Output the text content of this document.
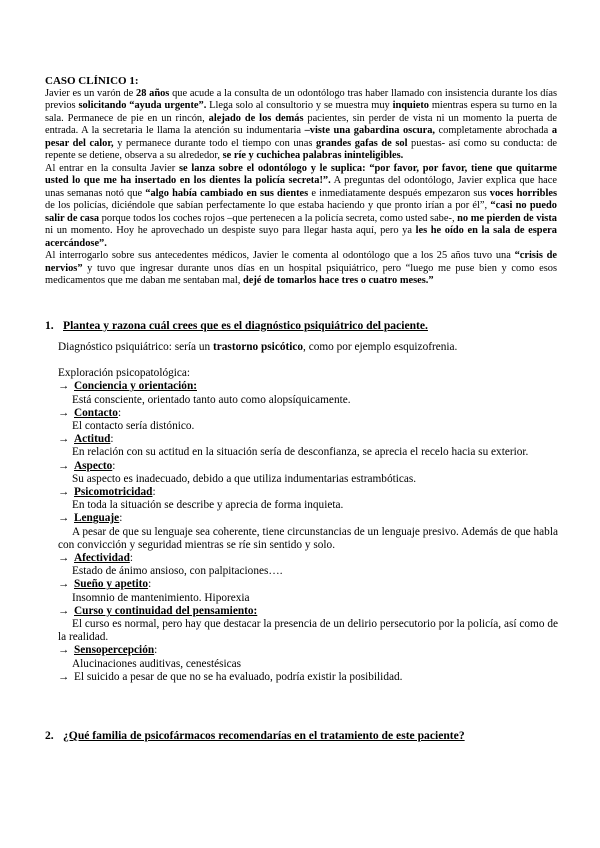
CASO CLÍNICO 1:

Javier es un varón de 28 años que acude a la consulta de un odontólogo tras haber llamado con insistencia durante los días previos solicitando “ayuda urgente”. Llega solo al consultorio y se muestra muy inquieto mientras espera su turno en la sala. Permanece de pie en un rincón, alejado de los demás pacientes, sin perder de vista ni un momento la puerta de entrada. A la secretaria le llama la atención su indumentaria –viste una gabardina oscura, completamente abrochada a pesar del calor, y permanece durante todo el tiempo con unas grandes gafas de sol puestas- así como su conducta: de repente se detiene, observa a su alrededor, se ríe y cuchichea palabras ininteligibles.

Al entrar en la consulta Javier se lanza sobre el odontólogo y le suplica: “por favor, por favor, tiene que quitarme usted lo que me ha insertado en los dientes la policía secreta!”. A preguntas del odontólogo, Javier explica que hace unas semanas notó que “algo había cambiado en sus dientes e inmediatamente después empezaron sus voces horribles de los policías, diciéndole que sabían perfectamente lo que estaba haciendo y que pronto irían a por él”, “casi no puedo salir de casa porque todos los coches rojos –que pertenecen a la policía secreta, como usted sabe-, no me pierden de vista ni un momento. Hoy he aprovechado un despiste suyo para llegar hasta aquí, pero ya les he oído en la sala de espera acercándose”.

Al interrogarlo sobre sus antecedentes médicos, Javier le comenta al odontólogo que a los 25 años tuvo una “crisis de nervios” y tuvo que ingresar durante unos días en un hospital psiquiátrico, pero “luego me puse bien y como esos medicamentos que me daban me sentaban mal, dejé de tomarlos hace tres o cuatro meses.”

1. Plantea y razona cuál crees que es el diagnóstico psiquiátrico del paciente.

Diagnóstico psiquiátrico: sería un trastorno psicótico, como por ejemplo esquizofrenia.

Exploración psicopatológica:

→ Conciencia y orientación:

Está consciente, orientado tanto auto como alopsíquicamente.

→ Contacto:

El contacto sería distónico.

→ Actitud:

En relación con su actitud en la situación sería de desconfianza, se aprecia el recelo hacia su exterior.

→ Aspecto:

Su aspecto es inadecuado, debido a que utiliza indumentarias estrambóticas.

→ Psicomotricidad:

En toda la situación se describe y aprecia de forma inquieta.

→ Lenguaje:

A pesar de que su lenguaje sea coherente, tiene circunstancias de un lenguaje presivo. Además de que habla con convicción y seguridad mientras se ríe sin sentido y solo.

→ Afectividad:

Estado de ánimo ansioso, con palpitaciones….

→ Sueño y apetito:

Insomnio de mantenimiento. Hiporexia

→ Curso y continuidad del pensamiento:

El curso es normal, pero hay que destacar la presencia de un delirio persecutorio por la policía, así como de la realidad.

→ Sensopercepción:

Alucinaciones auditivas, cenestésicas

→ El suicido a pesar de que no se ha evaluado, podría existir la posibilidad.

2. ¿Qué familia de psicofármacos recomendarías en el tratamiento de este paciente?
